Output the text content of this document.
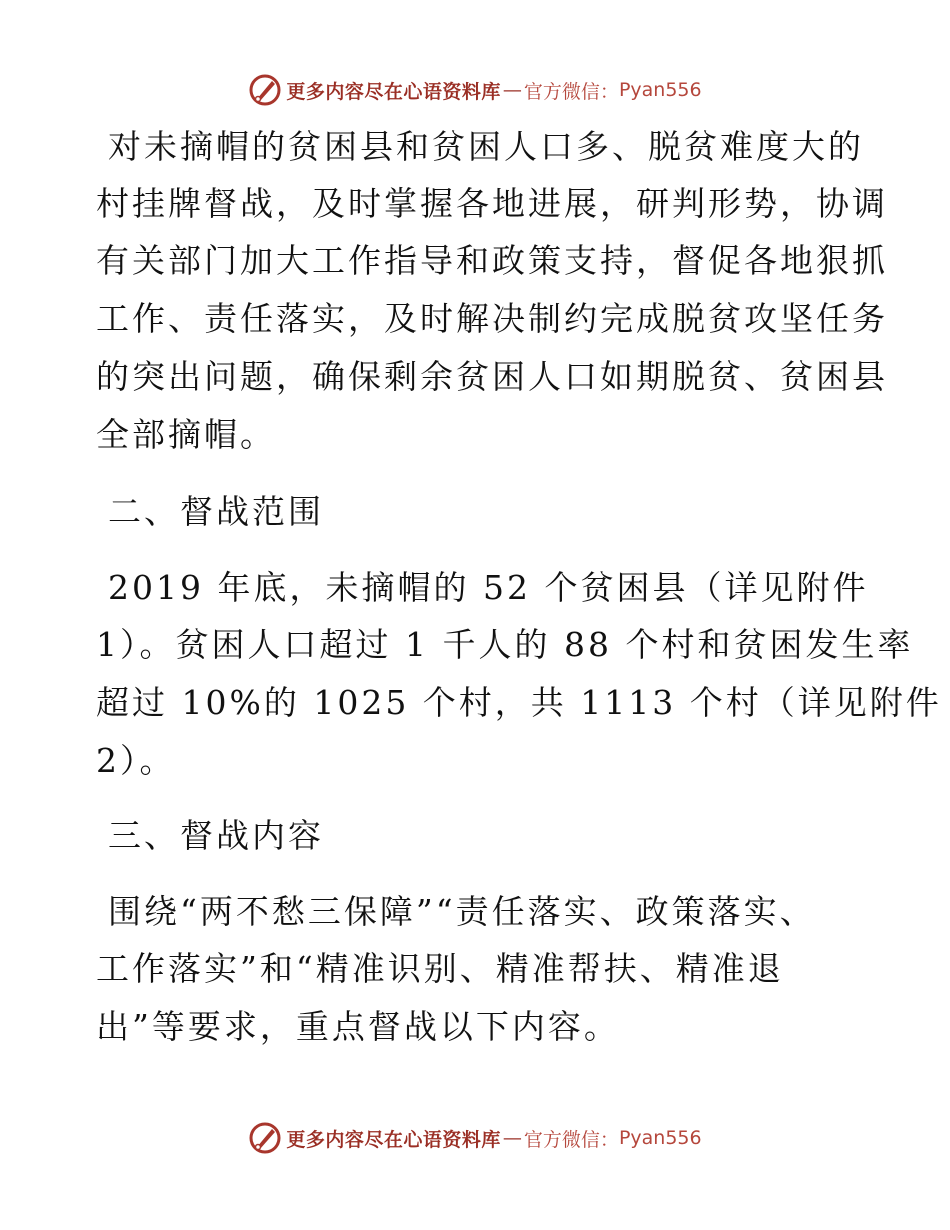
更多内容尽在心语资料库 — 官方微信： Pyan556
对未摘帽的贫困县和贫困人口多、脱贫难度大的
村挂牌督战，及时掌握各地进展，研判形势，协调
有关部门加大工作指导和政策支持，督促各地狠抓
工作、责任落实，及时解决制约完成脱贫攻坚任务
的突出问题，确保剩余贫困人口如期脱贫、贫困县
全部摘帽。
二、督战范围
2019 年底，未摘帽的 52 个贫困县（详见附件
1）。贫困人口超过 1 千人的 88 个村和贫困发生率
超过 10%的 1025 个村，共 1113 个村（详见附件
2）。
三、督战内容
围绕“两不愁三保障”“责任落实、政策落实、
工作落实”和“精准识别、精准帮扶、精准退
出”等要求，重点督战以下内容。
更多内容尽在心语资料库 — 官方微信： Pyan556
